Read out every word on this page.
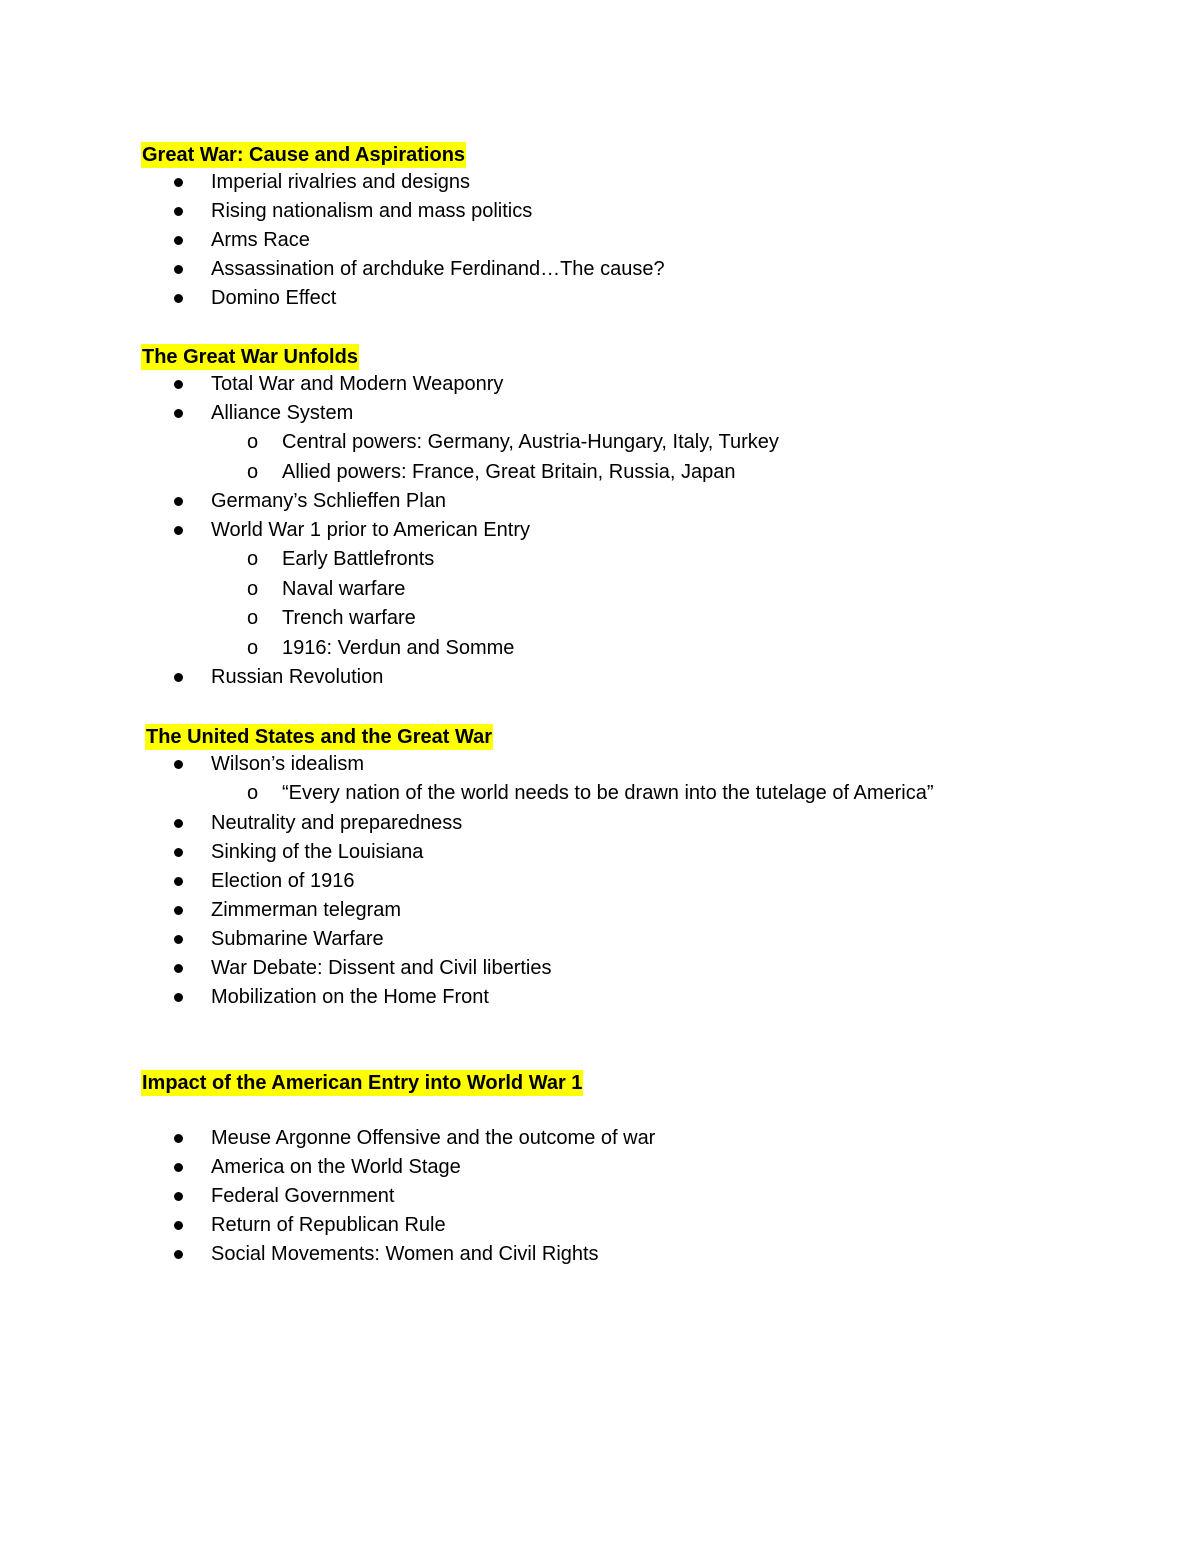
Great War: Cause and Aspirations
Imperial rivalries and designs
Rising nationalism and mass politics
Arms Race
Assassination of archduke Ferdinand…The cause?
Domino Effect
The Great War Unfolds
Total War and Modern Weaponry
Alliance System
o Central powers: Germany, Austria-Hungary, Italy, Turkey
o Allied powers: France, Great Britain, Russia, Japan
Germany’s Schlieffen Plan
World War 1 prior to American Entry
o Early Battlefronts
o Naval warfare
o Trench warfare
o 1916: Verdun and Somme
Russian Revolution
The United States and the Great War
Wilson’s idealism
o “Every nation of the world needs to be drawn into the tutelage of America”
Neutrality and preparedness
Sinking of the Louisiana
Election of 1916
Zimmerman telegram
Submarine Warfare
War Debate: Dissent and Civil liberties
Mobilization on the Home Front
Impact of the American Entry into World War 1
Meuse Argonne Offensive and the outcome of war
America on the World Stage
Federal Government
Return of Republican Rule
Social Movements: Women and Civil Rights
